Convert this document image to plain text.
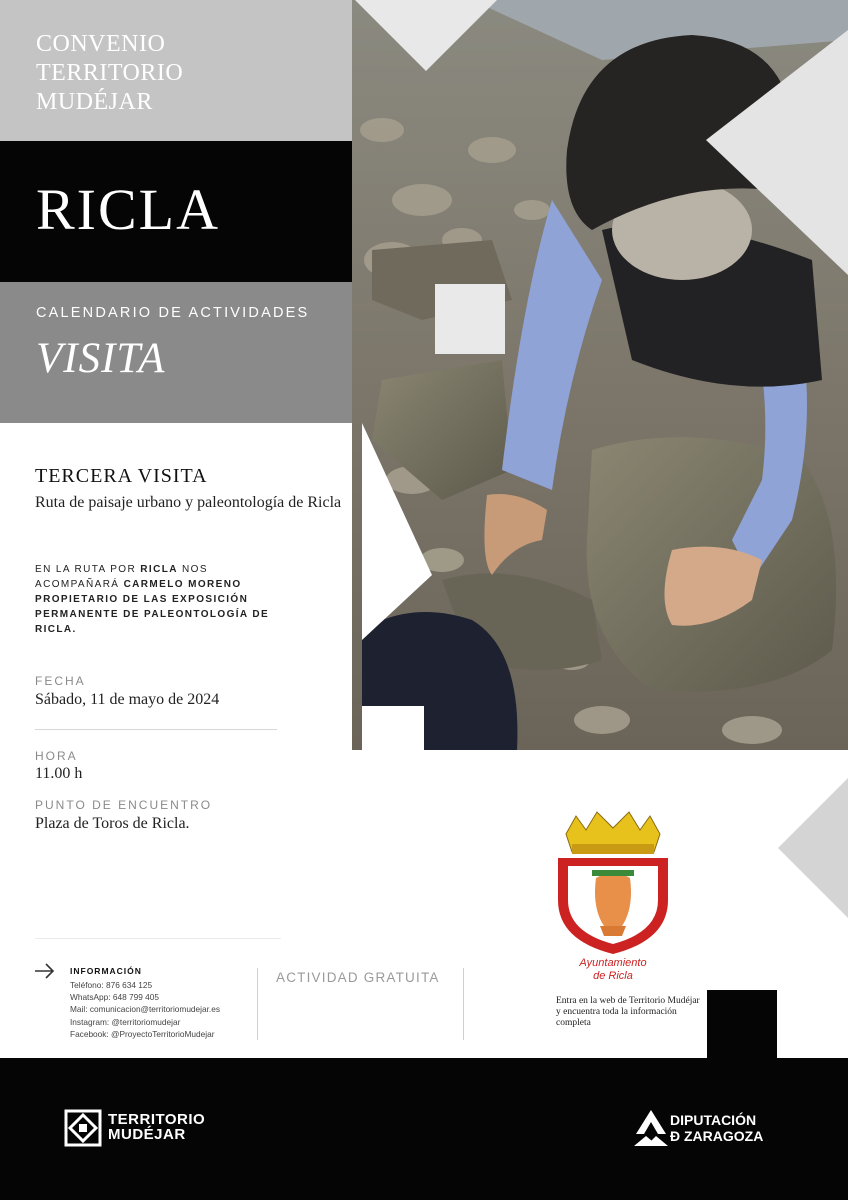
CONVENIO
TERRITORIO
MUDÉJAR
RICLA
CALENDARIO DE ACTIVIDADES
VISITA
TERCERA VISITA
Ruta de paisaje urbano y paleontología de Ricla
EN LA RUTA POR RICLA NOS ACOMPAÑARÁ CARMELO MORENO PROPIETARIO DE LAS EXPOSICIÓN PERMANENTE DE PALEONTOLOGÍA DE RICLA.
FECHA
Sábado, 11 de mayo de 2024
HORA
11.00 h
PUNTO DE ENCUENTRO
Plaza de Toros de Ricla.
INFORMACIÓN
Teléfono: 876 634 125
WhatsApp: 648 799 405
Mail: comunicacion@territoriomudejar.es
Instagram: @territoriomudejar
Facebook: @ProyectoTerritorioMudejar
ACTIVIDAD GRATUITA
Ayuntamiento
de Ricla
Entra en la web de Territorio Mudéjar y encuentra toda la información completa
TERRITORIO
MUDÉJAR
DIPUTACIÓN
Ð ZARAGOZA
